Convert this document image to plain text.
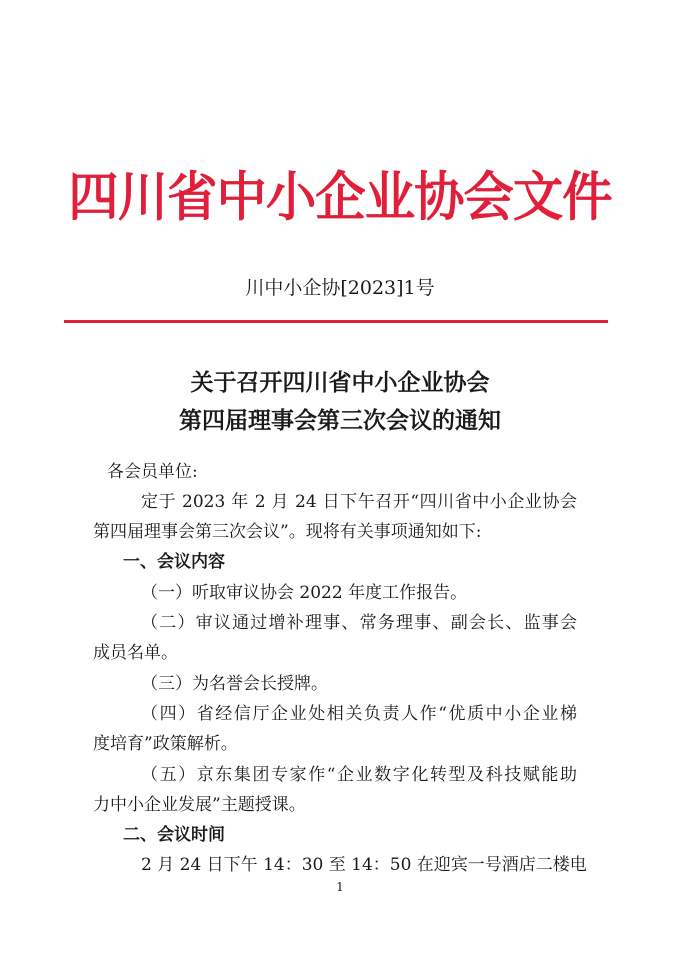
四川省中小企业协会文件
川中小企协[2023]1号
关于召开四川省中小企业协会
第四届理事会第三次会议的通知
各会员单位:
定于 2023 年 2 月 24 日下午召开“四川省中小企业协会
第四届理事会第三次会议”。现将有关事项通知如下:
一、会议内容
（一）听取审议协会 2022 年度工作报告。
（二）审议通过增补理事、常务理事、副会长、监事会
成员名单。
（三）为名誉会长授牌。
（四）省经信厅企业处相关负责人作“优质中小企业梯
度培育”政策解析。
（五）京东集团专家作“企业数字化转型及科技赋能助
力中小企业发展”主题授课。
二、会议时间
2 月 24 日下午 14：30 至 14：50 在迎宾一号酒店二楼电
1
